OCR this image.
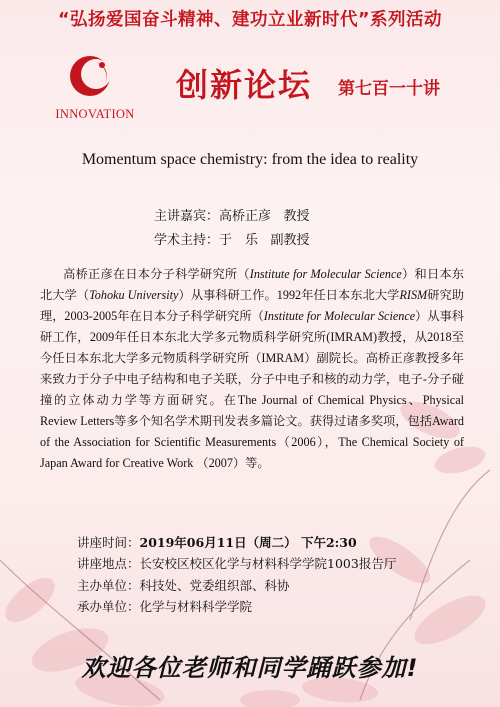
“弘扬爱国奋斗精神、建功立业新时代”系列活动
INNOVATION
创新论坛 第七百一十讲
Momentum space chemistry: from the idea to reality
主讲嘉宾：高桥正彦 教授
学术主持：于　乐 副教授
高桥正彦在日本分子科学研究所（Institute for Molecular Science）和日本东北大学（Tohoku University）从事科研工作。1992年任日本东北大学RISM研究助理，2003-2005年在日本分子科学研究所（Institute for Molecular Science）从事科研工作，2009年任日本东北大学多元物质科学研究所(IMRAM)教授，从2018至今任日本东北大学多元物质科学研究所（IMRAM）副院长。高桥正彦教授多年来致力于分子中电子结构和电子关联，分子中电子和核的动力学，电子-分子碰撞的立体动力学等方面研究。在The Journal of Chemical Physics、Physical Review Letters等多个知名学术期刊发表多篇论文。获得过诸多奖项，包括Award of the Association for Scientific Measurements（2006），The Chemical Society of Japan Award for Creative Work （2007）等。
讲座时间：2019年06月11日（周二） 下午2:30
讲座地点：长安校区校区化学与材料科学学院1003报告厅
主办单位：科技处、党委组织部、科协
承办单位：化学与材料科学学院
欢迎各位老师和同学踊跃参加!
